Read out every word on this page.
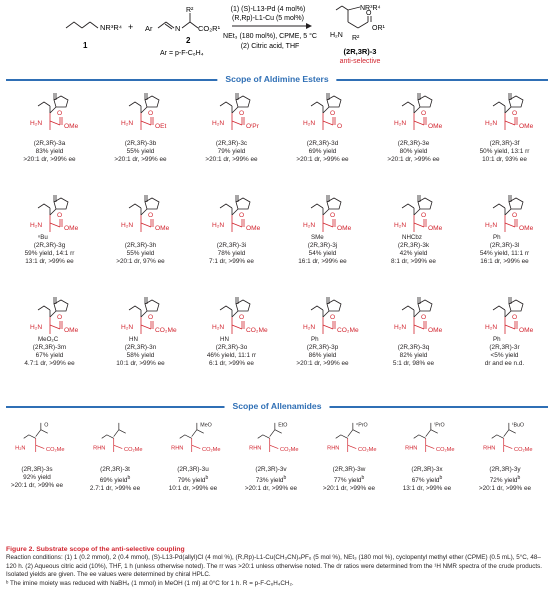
NR³R⁴
1
+ Ar	N
R²
CO₂R¹
2
Ar = p-F-C₆H₄
(1) (S)-L13-Pd (4 mol%)
(R,Rp)-L1-Cu (5 mol%)
NEt₃ (180 mol%), CPME, 5 °C
(2) Citric acid, THF
NR³R⁴
H₂N R²
O
OR¹
(2R,3R)-3
anti-selective
Scope of Aldimine Esters
H₂N
O
OMe
(2R,3R)-3a
83% yield
>20:1 dr, >99% ee
H₂N
O
OEt
(2R,3R)-3b
55% yield
>20:1 dr, >99% ee
H₂N
O
OⁱPr
(2R,3R)-3c
79% yield
>20:1 dr, >99% ee
H₂N
O
O
(2R,3R)-3d
69% yield
>20:1 dr, >99% ee
H₂N
O
OMe
(2R,3R)-3e
80% yield
>20:1 dr, >99% ee
H₂N
O
OMe
(2R,3R)-3f
50% yield, 13:1 rr
10:1 dr, 93% ee
H₂N
O
OMe
ⁿBu
(2R,3R)-3g
59% yield, 14:1 rr
13:1 dr, >99% ee
H₂N
O
OMe
(2R,3R)-3h
55% yield
>20:1 dr, 97% ee
H₂N
O
OMe
(2R,3R)-3i
78% yield
7:1 dr, >99% ee
H₂N
O
OMe
SMe
(2R,3R)-3j
54% yield
16:1 dr, >99% ee
H₂N
O
OMe
NHCbz
(2R,3R)-3k
42% yield
8:1 dr, >99% ee
H₂N
O
OMe
Ph
(2R,3R)-3l
54% yield, 11:1 rr
16:1 dr, >99% ee
H₂N
O
OMe
MeO₂C
(2R,3R)-3m
67% yield
4.7:1 dr, >99% ee
H₂N
O
CO₂Me
HN
(2R,3R)-3n
58% yield
10:1 dr, >99% ee
H₂N
O
CO₂Me
HN
(2R,3R)-3o
46% yield, 11:1 rr
6:1 dr, >99% ee
H₂N
O
CO₂Me
Ph
(2R,3R)-3p
86% yield
>20:1 dr, >99% ee
H₂N
O
OMe
(2R,3R)-3q
82% yield
5:1 dr, 98% ee
H₂N
O
OMe
Ph
(2R,3R)-3r
<5% yield
dr and ee n.d.
Scope of Allenamides
O
H₂N	CO₂Me
(2R,3R)-3s
92% yield
>20:1 dr, >99% ee
RHN	CO₂Me
(2R,3R)-3t
69% yield$^b$
2.7:1 dr, >99% ee
MeO
RHN	CO₂Me
(2R,3R)-3u
79% yield$^b$
10:1 dr, >99% ee
EtO
RHN	CO₂Me
(2R,3R)-3v
73% yield$^b$
>20:1 dr, >99% ee
ⁿPrO
RHN	CO₂Me
(2R,3R)-3w
77% yield$^b$
>20:1 dr, >99% ee
ⁱPrO
RHN	CO₂Me
(2R,3R)-3x
67% yield$^b$
13:1 dr, >99% ee
ᵗBuO
RHN	CO₂Me
(2R,3R)-3y
72% yield$^b$
>20:1 dr, >99% ee
Figure 2. Substrate scope of the anti-selective coupling
Reaction conditions: (1) 1 (0.2 mmol), 2 (0.4 mmol), (S)-L13-Pd(allyl)Cl (4 mol %), (R,Rp)-L1-Cu(CH₃CN)₄PF₆ (5 mol %), NEt₃ (180 mol %), cyclopentyl methyl ether (CPME) (0.5 mL), 5°C, 48–120 h. (2) Aqueous citric acid (10%), THF, 1 h (unless otherwise noted). The rr was >20:1 unless otherwise noted. The dr ratios were determined from the ¹H NMR spectra of the crude products. Isolated yields are given. The ee values were determined by chiral HPLC.
ᵇ The imine moiety was reduced with NaBH₄ (1 mmol) in MeOH (1 ml) at 0°C for 1 h. R = p-F-C₆H₄CH₂.
